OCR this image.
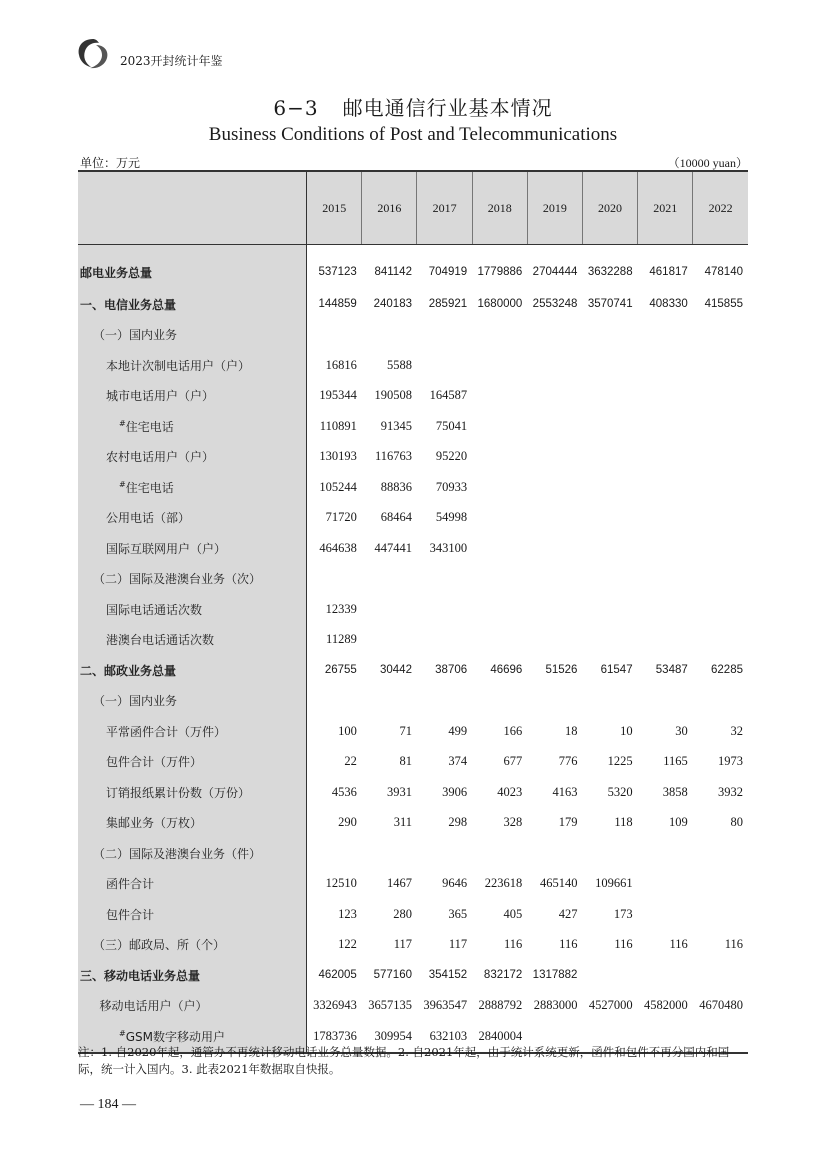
2023开封统计年鉴
6−3 邮电通信行业基本情况
Business Conditions of Post and Telecommunications
单位：万元	（10000 yuan）
	2015	2016	2017	2018	2019	2020	2021	2022
邮电业务总量	537123	841142	704919	1779886	2704444	3632288	461817	478140
一、电信业务总量	144859	240183	285921	1680000	2553248	3570741	408330	415855
（一）国内业务								
本地计次制电话用户（户）	16816	5588						
城市电话用户（户）	195344	190508	164587					
#住宅电话	110891	91345	75041					
农村电话用户（户）	130193	116763	95220					
#住宅电话	105244	88836	70933					
公用电话（部）	71720	68464	54998					
国际互联网用户（户）	464638	447441	343100					
（二）国际及港澳台业务（次）								
国际电话通话次数	12339							
港澳台电话通话次数	11289							
二、邮政业务总量	26755	30442	38706	46696	51526	61547	53487	62285
（一）国内业务								
平常函件合计（万件）	100	71	499	166	18	10	30	32
包件合计（万件）	22	81	374	677	776	1225	1165	1973
订销报纸累计份数（万份）	4536	3931	3906	4023	4163	5320	3858	3932
集邮业务（万枚）	290	311	298	328	179	118	109	80
（二）国际及港澳台业务（件）								
函件合计	12510	1467	9646	223618	465140	109661		
包件合计	123	280	365	405	427	173		
（三）邮政局、所（个）	122	117	117	116	116	116	116	116
三、移动电话业务总量	462005	577160	354152	832172	1317882			
移动电话用户（户）	3326943	3657135	3963547	2888792	2883000	4527000	4582000	4670480
#GSM数字移动用户	1783736	309954	632103	2840004				
注：1. 自2020年起，通管办不再统计移动电话业务总量数据。2. 自2021年起，由于统计系统更新，函件和包件不再分国内和国际，统一计入国内。3. 此表2021年数据取自快报。
— 184 —
